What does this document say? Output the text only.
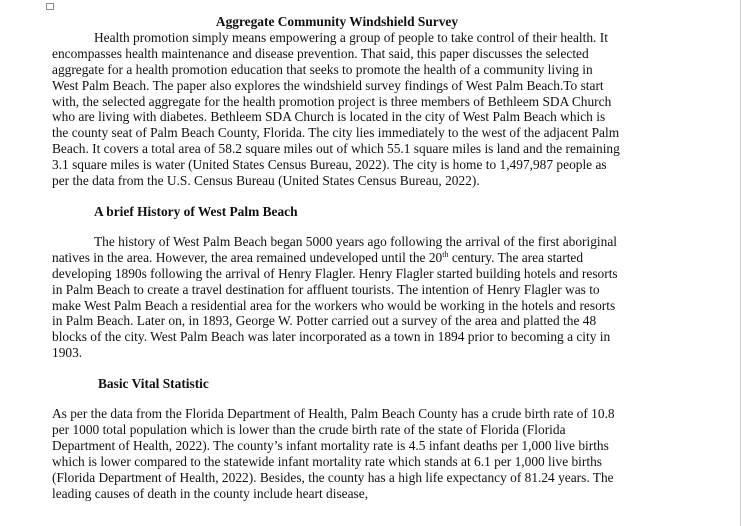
Aggregate Community Windshield Survey

Health promotion simply means empowering a group of people to take control of their health. It encompasses health maintenance and disease prevention. That said, this paper discusses the selected aggregate for a health promotion education that seeks to promote the health of a community living in West Palm Beach. The paper also explores the windshield survey findings of West Palm Beach.To start with, the selected aggregate for the health promotion project is three members of Bethleem SDA Church who are living with diabetes. Bethleem SDA Church is located in the city of West Palm Beach which is the county seat of Palm Beach County, Florida. The city lies immediately to the west of the adjacent Palm Beach. It covers a total area of 58.2 square miles out of which 55.1 square miles is land and the remaining 3.1 square miles is water (United States Census Bureau, 2022). The city is home to 1,497,987 people as per the data from the U.S. Census Bureau (United States Census Bureau, 2022).

A brief History of West Palm Beach

The history of West Palm Beach began 5000 years ago following the arrival of the first aboriginal natives in the area. However, the area remained undeveloped until the 20th century. The area started developing 1890s following the arrival of Henry Flagler. Henry Flagler started building hotels and resorts in Palm Beach to create a travel destination for affluent tourists. The intention of Henry Flagler was to make West Palm Beach a residential area for the workers who would be working in the hotels and resorts in Palm Beach. Later on, in 1893, George W. Potter carried out a survey of the area and platted the 48 blocks of the city. West Palm Beach was later incorporated as a town in 1894 prior to becoming a city in 1903.

Basic Vital Statistic

As per the data from the Florida Department of Health, Palm Beach County has a crude birth rate of 10.8 per 1000 total population which is lower than the crude birth rate of the state of Florida (Florida Department of Health, 2022). The county’s infant mortality rate is 4.5 infant deaths per 1,000 live births which is lower compared to the statewide infant mortality rate which stands at 6.1 per 1,000 live births (Florida Department of Health, 2022). Besides, the county has a high life expectancy of 81.24 years. The leading causes of death in the county include heart disease,
